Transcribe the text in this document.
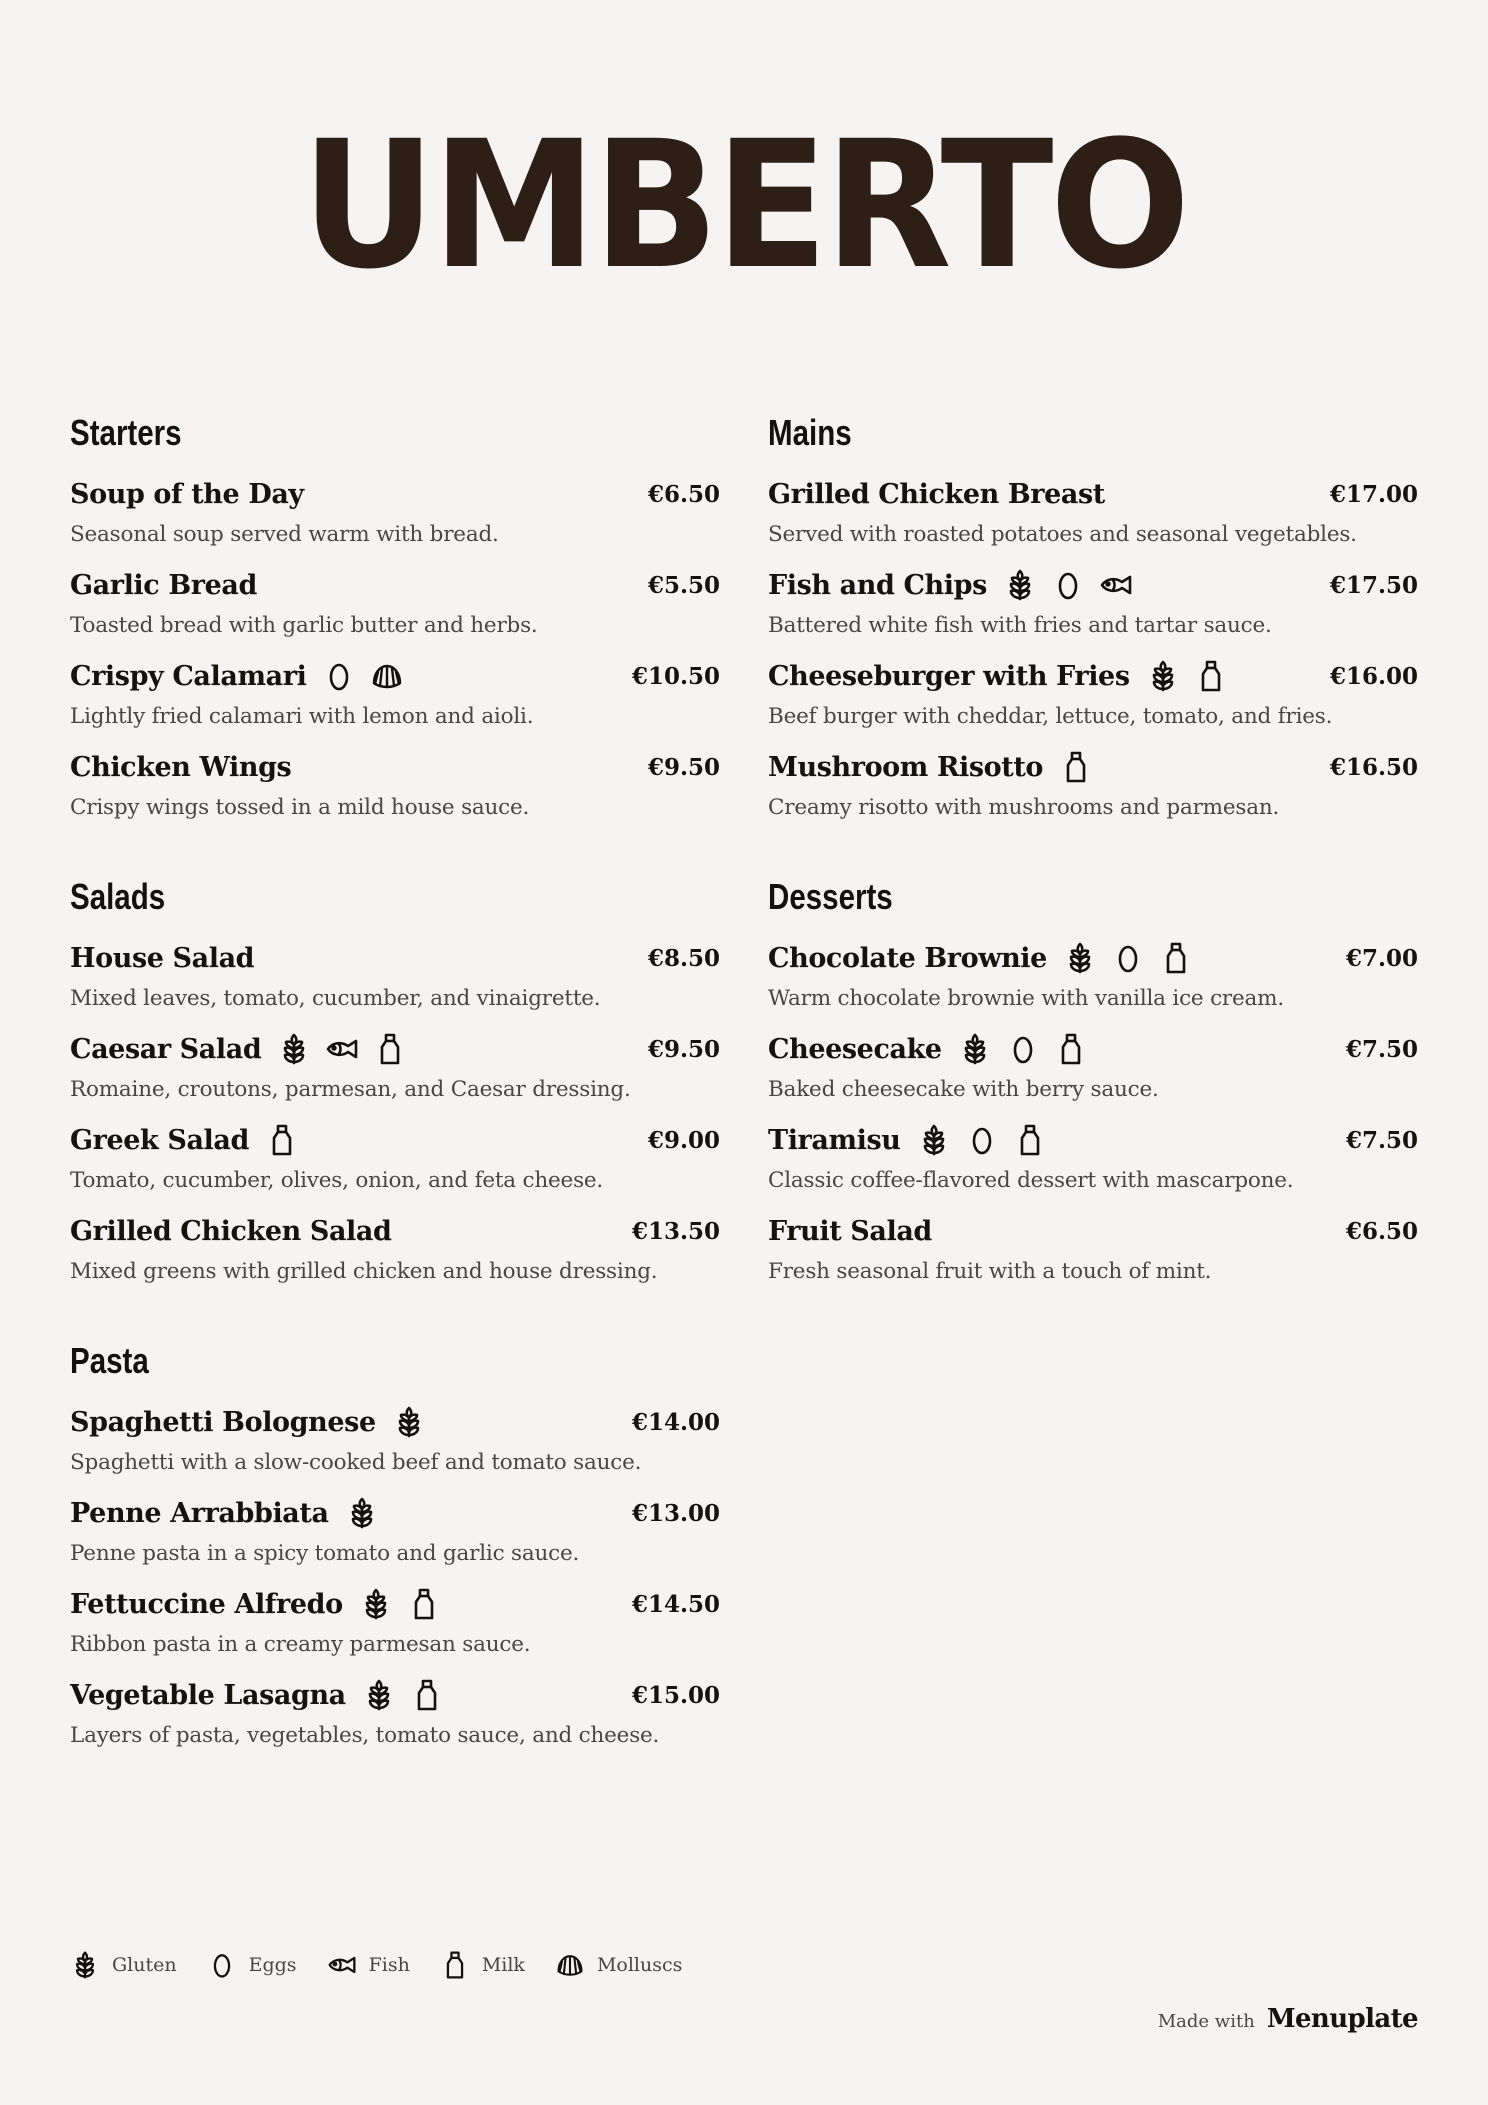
UMBERTO
Starters
Soup of the Day	€6.50
Seasonal soup served warm with bread.
Garlic Bread	€5.50
Toasted bread with garlic butter and herbs.
Crispy Calamari	€10.50
Lightly fried calamari with lemon and aioli.
Chicken Wings	€9.50
Crispy wings tossed in a mild house sauce.
Salads
House Salad	€8.50
Mixed leaves, tomato, cucumber, and vinaigrette.
Caesar Salad	€9.50
Romaine, croutons, parmesan, and Caesar dressing.
Greek Salad	€9.00
Tomato, cucumber, olives, onion, and feta cheese.
Grilled Chicken Salad	€13.50
Mixed greens with grilled chicken and house dressing.
Pasta
Spaghetti Bolognese	€14.00
Spaghetti with a slow-cooked beef and tomato sauce.
Penne Arrabbiata	€13.00
Penne pasta in a spicy tomato and garlic sauce.
Fettuccine Alfredo	€14.50
Ribbon pasta in a creamy parmesan sauce.
Vegetable Lasagna	€15.00
Layers of pasta, vegetables, tomato sauce, and cheese.
Mains
Grilled Chicken Breast	€17.00
Served with roasted potatoes and seasonal vegetables.
Fish and Chips	€17.50
Battered white fish with fries and tartar sauce.
Cheeseburger with Fries	€16.00
Beef burger with cheddar, lettuce, tomato, and fries.
Mushroom Risotto	€16.50
Creamy risotto with mushrooms and parmesan.
Desserts
Chocolate Brownie	€7.00
Warm chocolate brownie with vanilla ice cream.
Cheesecake	€7.50
Baked cheesecake with berry sauce.
Tiramisu	€7.50
Classic coffee-flavored dessert with mascarpone.
Fruit Salad	€6.50
Fresh seasonal fruit with a touch of mint.
Gluten	Eggs	Fish	Milk	Molluscs
Made with Menuplate
